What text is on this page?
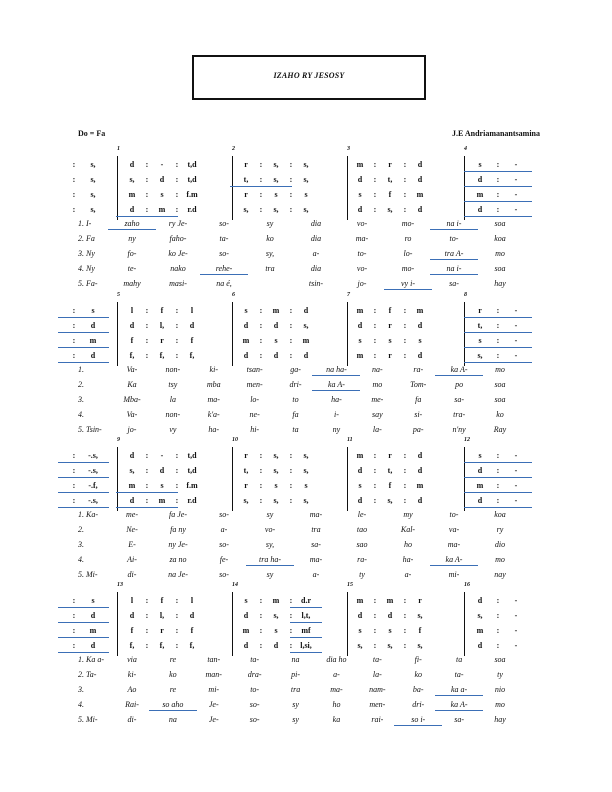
IZAHO RY JESOSY
Do = Fa	J.E Andriamanantsamina
1	2	3	4
:	s,	d	:	-	:	t,d	r	:	s,	:	s,	m	:	r	:	d	s	:	-
:	s,	s,	:	d	:	t,d	t,	:	s,	:	s,	d	:	t,	:	d	d	:	-
:	s,	m	:	s	:	f.m	r	:	s	:	s	s	:	f	:	m	m	:	-
:	s,	d	:	m	:	r.d	s,	:	s,	:	s,	d	:	s,	:	d	d	:	-
1. I-	zaho	ry Je-	so-	sy	dia	vo-	mo-	na i-	soa
2. Fa	ny	faho-	ta-	ko	dia	ma-	ro	to-	koa
3. Ny	fo-	ko Je-	so-	sy,	a-	to-	lo-	tra A-	mo
4. Ny	te-	nako	rehe-	tra	dia	vo-	mo-	na i-	soa
5. Fa-	mahy	masi-	na é,	tsin-	jo-	vy i-	sa-	hay
5	6	7	8
:	s	l	:	f	:	l	s	:	m	:	d	m	:	f	:	m	r	:	-
:	d	d	:	l,	:	d	d	:	d	:	s,	d	:	r	:	d	t,	:	-
:	m	f	:	r	:	f	m	:	s	:	m	s	:	s	:	s	s	:	-
:	d	f,	:	f,	:	f,	d	:	d	:	d	m	:	r	:	d	s,	:	-
1.	Va-	non-	ki-	tsan-	ga-	na ha-	na-	ra-	ka A-	mo
2.	Ka	tsy	mba	men-	dri-	ka A-	mo	Tom-	po	soa
3.	Mba-	la	ma-	lo-	to	ha-	me-	fa	sa-	soa
4.	Va-	non-	k'a-	ne-	fa	i-	say	si-	tra-	ko
5. Tsin-	jo-	vy	ha-	hi-	ta	ny	la-	pa-	n'ny	Ray
9	10	11	12
:	-.s,	d	:	-	:	t,d	r	:	s,	:	s,	m	:	r	:	d	s	:	-
:	-.s,	s,	:	d	:	t,d	t,	:	s,	:	s,	d	:	t,	:	d	d	:	-
:	-.f,	m	:	s	:	f.m	r	:	s	:	s	s	:	f	:	m	m	:	-
:	-.s,	d	:	m	:	r.d	s,	:	s,	:	s,	d	:	s,	:	d	d	:	-
1. Ka-	me-	fa Je-	so-	sy	ma-	le-	my	to-	koa
2.	Ne-	fa ny	a-	vo-	tra	tao	Kal-	va-	ry
3.	E-	ny Je-	so-	sy,	sa-	sao	ho	ma-	dio
4.	Ai-	za no	fe-	tra ha-	ma-	ra-	ha-	ka A-	mo
5. Mi-	di-	na Je-	so-	sy	a-	ty	a-	mi-	nay
13	14	15	16
:	s	l	:	f	:	l	s	:	m	:	d.r	m	:	m	:	r	d	:	-
:	d	d	:	l,	:	d	d	:	s,	:	l,t,	d	:	d	:	s,	s,	:	-
:	m	f	:	r	:	f	m	:	s	:	mf	s	:	s	:	f	m	:	-
:	d	f,	:	f,	:	f,	d	:	d	: l,si,	s,	:	s,	:	s,	d	:	-
1. Ka a-	via	re	tan-	ta-	na	dia ho	ta-	fi-	ta	soa
2. Ta-	ki-	ko	man-	dra-	pi-	a-	la-	ko	ta-	ty
3.	Ao	re	mi-	to-	tra	ma-	nam-	ba-	ka a-	nio
4.	Rai-	so aho	Je-	so-	sy	ho	men-	dri-	ka A-	mo
5. Mi-	di-	na	Je-	so-	sy	ka	rai-	so i-	sa-	hay
